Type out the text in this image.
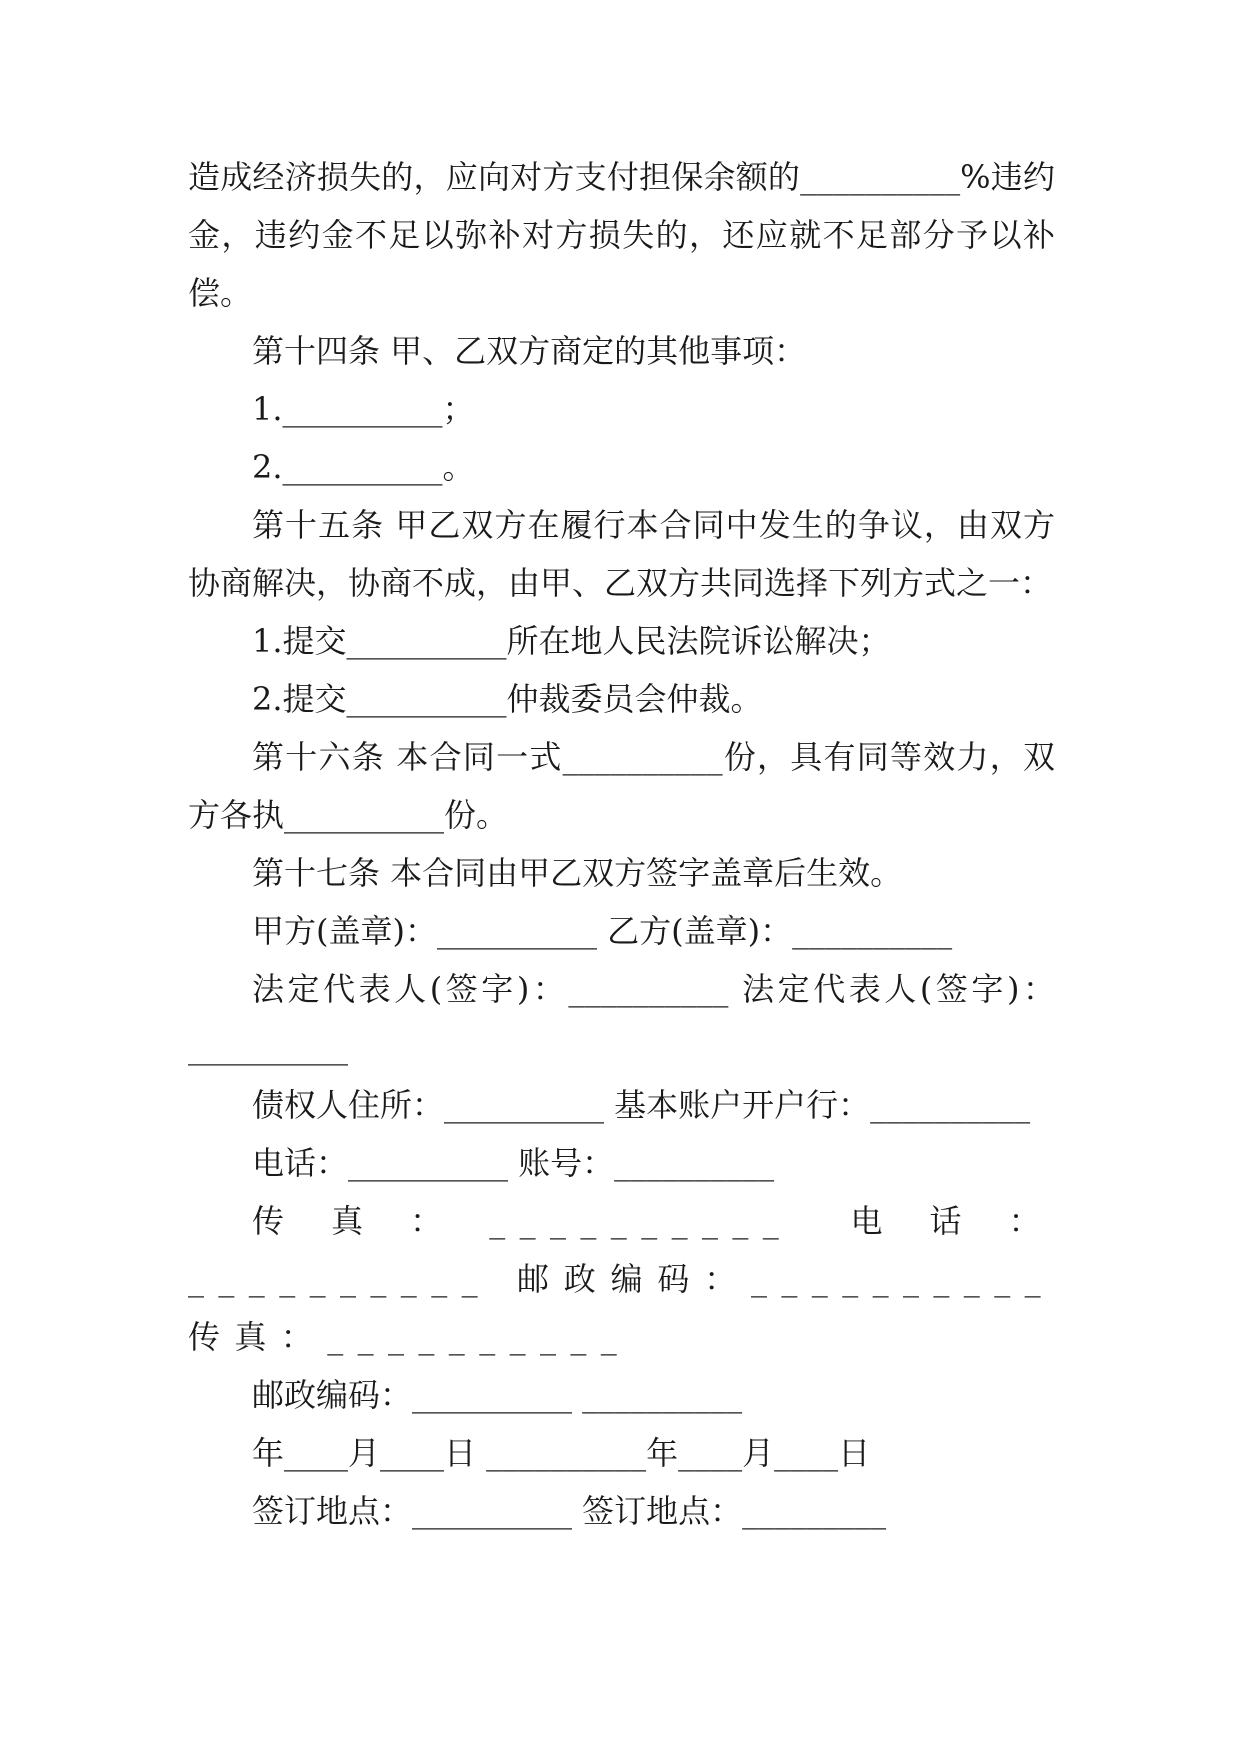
造成经济损失的，应向对方支付担保余额的__________%违约金，违约金不足以弥补对方损失的，还应就不足部分予以补偿。

第十四条 甲、乙双方商定的其他事项：

1.__________；

2.__________。

第十五条 甲乙双方在履行本合同中发生的争议，由双方协商解决，协商不成，由甲、乙双方共同选择下列方式之一：

1.提交__________所在地人民法院诉讼解决；

2.提交__________仲裁委员会仲裁。

第十六条 本合同一式__________份，具有同等效力，双方各执__________份。

第十七条 本合同由甲乙双方签字盖章后生效。

甲方(盖章)：__________ 乙方(盖章)：__________

法定代表人(签字)：__________ 法定代表人(签字)：__________

债权人住所：__________ 基本账户开户行：__________

电话：__________ 账号：__________

传真：__________ 电话：__________ 邮政编码：__________ 传真：__________

邮政编码：__________ __________

年____月____日 __________年____月____日

签订地点：__________ 签订地点：_________
